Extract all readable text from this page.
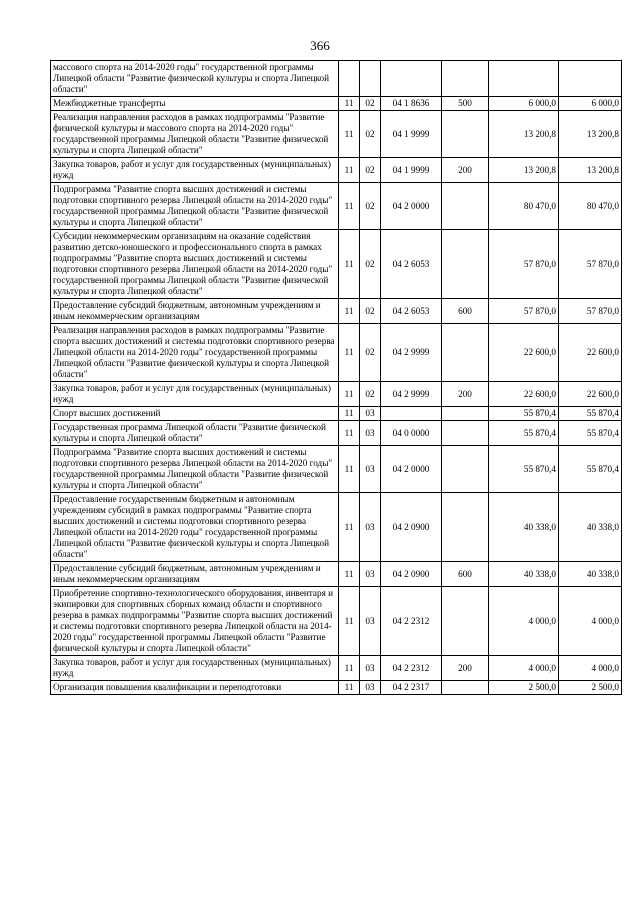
366
массового спорта на 2014-2020 годы" государственной программы Липецкой области "Развитие физической культуры и спорта Липецкой области"						
Межбюджетные трансферты	11	02	04 1 8636	500	6 000,0	6 000,0
Реализация направления расходов в рамках подпрограммы "Развитие физической культуры и массового спорта на 2014-2020 годы" государственной программы Липецкой области "Развитие физической культуры и спорта Липецкой области"	11	02	04 1 9999		13 200,8	13 200,8
Закупка товаров, работ и услуг для государственных (муниципальных) нужд	11	02	04 1 9999	200	13 200,8	13 200,8
Подпрограмма "Развитие спорта высших достижений и системы подготовки спортивного резерва Липецкой области на 2014-2020 годы" государственной программы Липецкой области "Развитие физической культуры и спорта Липецкой области"	11	02	04 2 0000		80 470,0	80 470,0
Субсидии некоммерческим организациям на оказание содействия развитию детско-юношеского и профессионального спорта в рамках подпрограммы "Развитие спорта высших достижений и системы подготовки спортивного резерва Липецкой области на 2014-2020 годы" государственной программы Липецкой области "Развитие физической культуры и спорта Липецкой области"	11	02	04 2 6053		57 870,0	57 870,0
Предоставление субсидий бюджетным, автономным учреждениям и иным некоммерческим организациям	11	02	04 2 6053	600	57 870,0	57 870,0
Реализация направления расходов в рамках подпрограммы "Развитие спорта высших достижений и системы подготовки спортивного резерва Липецкой области на 2014-2020 годы" государственной программы Липецкой области "Развитие физической культуры и спорта Липецкой области"	11	02	04 2 9999		22 600,0	22 600,0
Закупка товаров, работ и услуг для государственных (муниципальных) нужд	11	02	04 2 9999	200	22 600,0	22 600,0
Спорт высших достижений	11	03			55 870,4	55 870,4
Государственная программа Липецкой области "Развитие физической культуры и спорта Липецкой области"	11	03	04 0 0000		55 870,4	55 870,4
Подпрограмма "Развитие спорта высших достижений и системы подготовки спортивного резерва Липецкой области на 2014-2020 годы" государственной программы Липецкой области "Развитие физической культуры и спорта Липецкой области"	11	03	04 2 0000		55 870,4	55 870,4
Предоставление государственным бюджетным и автономным учреждениям субсидий в рамках подпрограммы "Развитие спорта высших достижений и системы подготовки спортивного резерва Липецкой области на 2014-2020 годы" государственной программы Липецкой области "Развитие физической культуры и спорта Липецкой области"	11	03	04 2 0900		40 338,0	40 338,0
Предоставление субсидий бюджетным, автономным учреждениям и иным некоммерческим организациям	11	03	04 2 0900	600	40 338,0	40 338,0
Приобретение спортивно-технологического оборудования, инвентаря и экипировки для спортивных сборных команд области и спортивного резерва в рамках подпрограммы "Развитие спорта высших достижений и системы подготовки спортивного резерва Липецкой области на 2014-2020 годы" государственной программы Липецкой области "Развитие физической культуры и спорта Липецкой области"	11	03	04 2 2312		4 000,0	4 000,0
Закупка товаров, работ и услуг для государственных (муниципальных) нужд	11	03	04 2 2312	200	4 000,0	4 000,0
Организация повышения квалификации и переподготовки	11	03	04 2 2317		2 500,0	2 500,0
